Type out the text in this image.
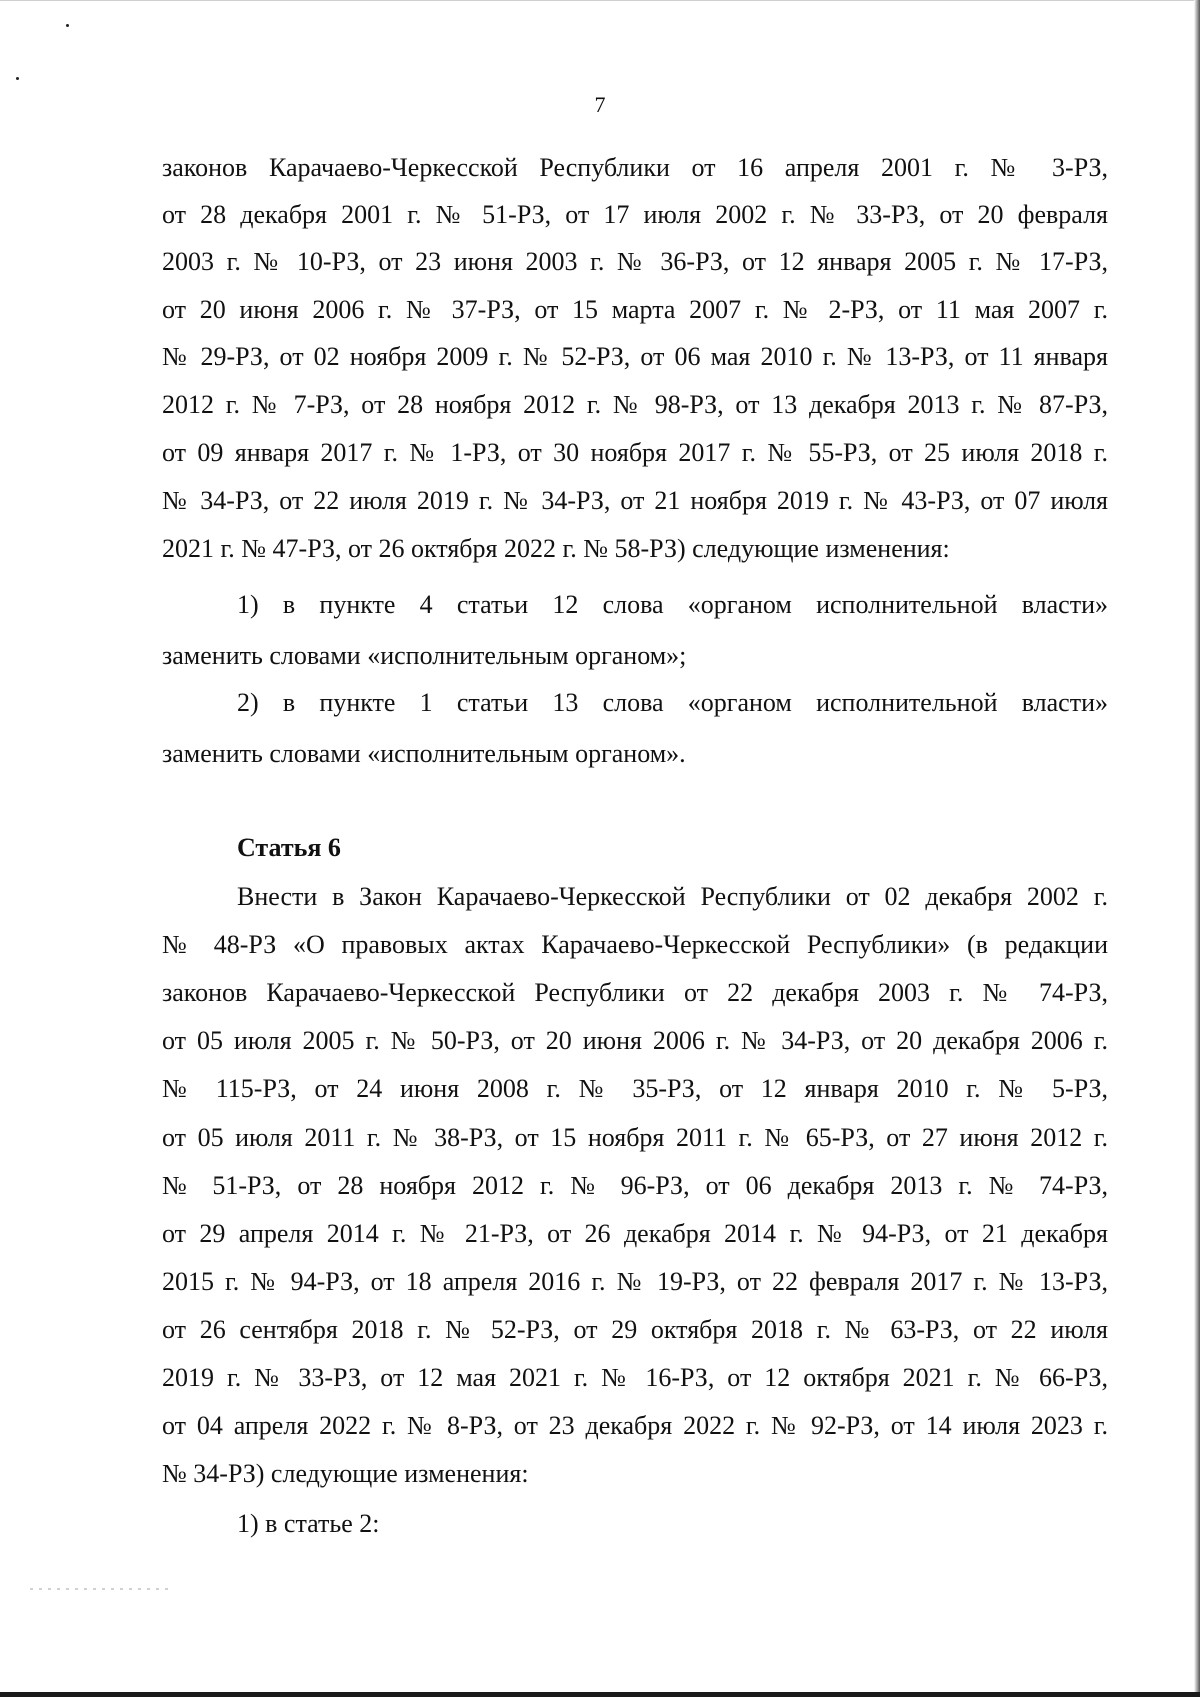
7
законов Карачаево-Черкесской Республики от 16 апреля 2001 г. № 3-РЗ,
от 28 декабря 2001 г. № 51-РЗ, от 17 июля 2002 г. № 33-РЗ, от 20 февраля
2003 г. № 10-РЗ, от 23 июня 2003 г. № 36-РЗ, от 12 января 2005 г. № 17-РЗ,
от 20 июня 2006 г. № 37-РЗ, от 15 марта 2007 г. № 2-РЗ, от 11 мая 2007 г.
№ 29-РЗ, от 02 ноября 2009 г. № 52-РЗ, от 06 мая 2010 г. № 13-РЗ, от 11 января
2012 г. № 7-РЗ, от 28 ноября 2012 г. № 98-РЗ, от 13 декабря 2013 г. № 87-РЗ,
от 09 января 2017 г. № 1-РЗ, от 30 ноября 2017 г. № 55-РЗ, от 25 июля 2018 г.
№ 34-РЗ, от 22 июля 2019 г. № 34-РЗ, от 21 ноября 2019 г. № 43-РЗ, от 07 июля
2021 г. № 47-РЗ, от 26 октября 2022 г. № 58-РЗ) следующие изменения:
1) в пункте 4 статьи 12 слова «органом исполнительной власти»
заменить словами «исполнительным органом»;
2) в пункте 1 статьи 13 слова «органом исполнительной власти»
заменить словами «исполнительным органом».
Статья 6
Внести в Закон Карачаево-Черкесской Республики от 02 декабря 2002 г.
№ 48-РЗ «О правовых актах Карачаево-Черкесской Республики» (в редакции
законов Карачаево-Черкесской Республики от 22 декабря 2003 г. № 74-РЗ,
от 05 июля 2005 г. № 50-РЗ, от 20 июня 2006 г. № 34-РЗ, от 20 декабря 2006 г.
№ 115-РЗ, от 24 июня 2008 г. № 35-РЗ, от 12 января 2010 г. № 5-РЗ,
от 05 июля 2011 г. № 38-РЗ, от 15 ноября 2011 г. № 65-РЗ, от 27 июня 2012 г.
№ 51-РЗ, от 28 ноября 2012 г. № 96-РЗ, от 06 декабря 2013 г. № 74-РЗ,
от 29 апреля 2014 г. № 21-РЗ, от 26 декабря 2014 г. № 94-РЗ, от 21 декабря
2015 г. № 94-РЗ, от 18 апреля 2016 г. № 19-РЗ, от 22 февраля 2017 г. № 13-РЗ,
от 26 сентября 2018 г. № 52-РЗ, от 29 октября 2018 г. № 63-РЗ, от 22 июля
2019 г. № 33-РЗ, от 12 мая 2021 г. № 16-РЗ, от 12 октября 2021 г. № 66-РЗ,
от 04 апреля 2022 г. № 8-РЗ, от 23 декабря 2022 г. № 92-РЗ, от 14 июля 2023 г.
№ 34-РЗ) следующие изменения:
1) в статье 2:
